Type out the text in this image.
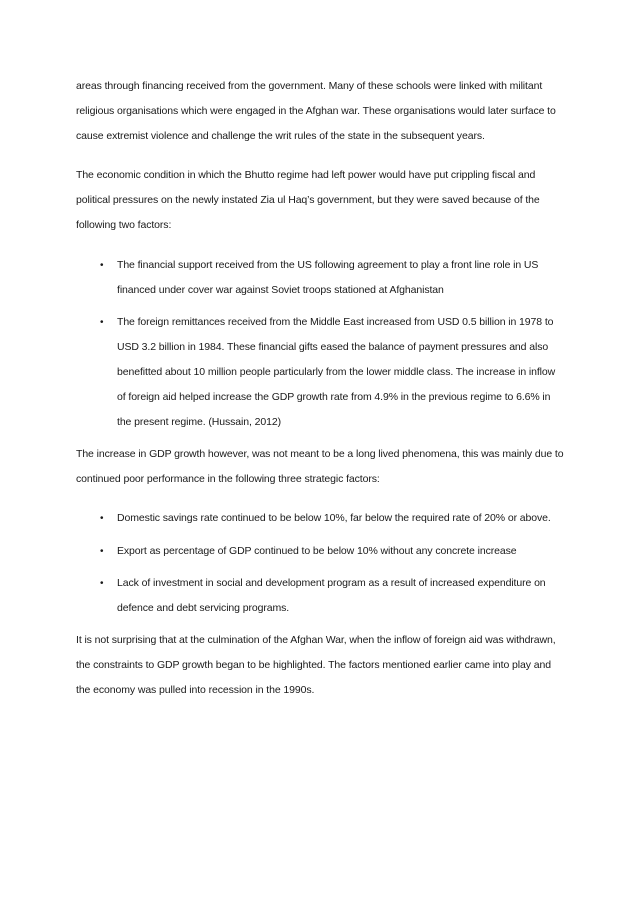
areas through financing received from the government. Many of these schools were linked with militant religious organisations which were engaged in the Afghan war. These organisations would later surface to cause extremist violence and challenge the writ rules of the state in the subsequent years.

The economic condition in which the Bhutto regime had left power would have put crippling fiscal and political pressures on the newly instated Zia ul Haq’s government, but they were saved because of the following two factors:

• The financial support received from the US following agreement to play a front line role in US financed under cover war against Soviet troops stationed at Afghanistan
• The foreign remittances received from the Middle East increased from USD 0.5 billion in 1978 to USD 3.2 billion in 1984. These financial gifts eased the balance of payment pressures and also benefitted about 10 million people particularly from the lower middle class. The increase in inflow of foreign aid helped increase the GDP growth rate from 4.9% in the previous regime to 6.6% in the present regime. (Hussain, 2012)

The increase in GDP growth however, was not meant to be a long lived phenomena, this was mainly due to continued poor performance in the following three strategic factors:

• Domestic savings rate continued to be below 10%, far below the required rate of 20% or above.
• Export as percentage of GDP continued to be below 10% without any concrete increase
• Lack of investment in social and development program as a result of increased expenditure on defence and debt servicing programs.

It is not surprising that at the culmination of the Afghan War, when the inflow of foreign aid was withdrawn, the constraints to GDP growth began to be highlighted. The factors mentioned earlier came into play and the economy was pulled into recession in the 1990s.
